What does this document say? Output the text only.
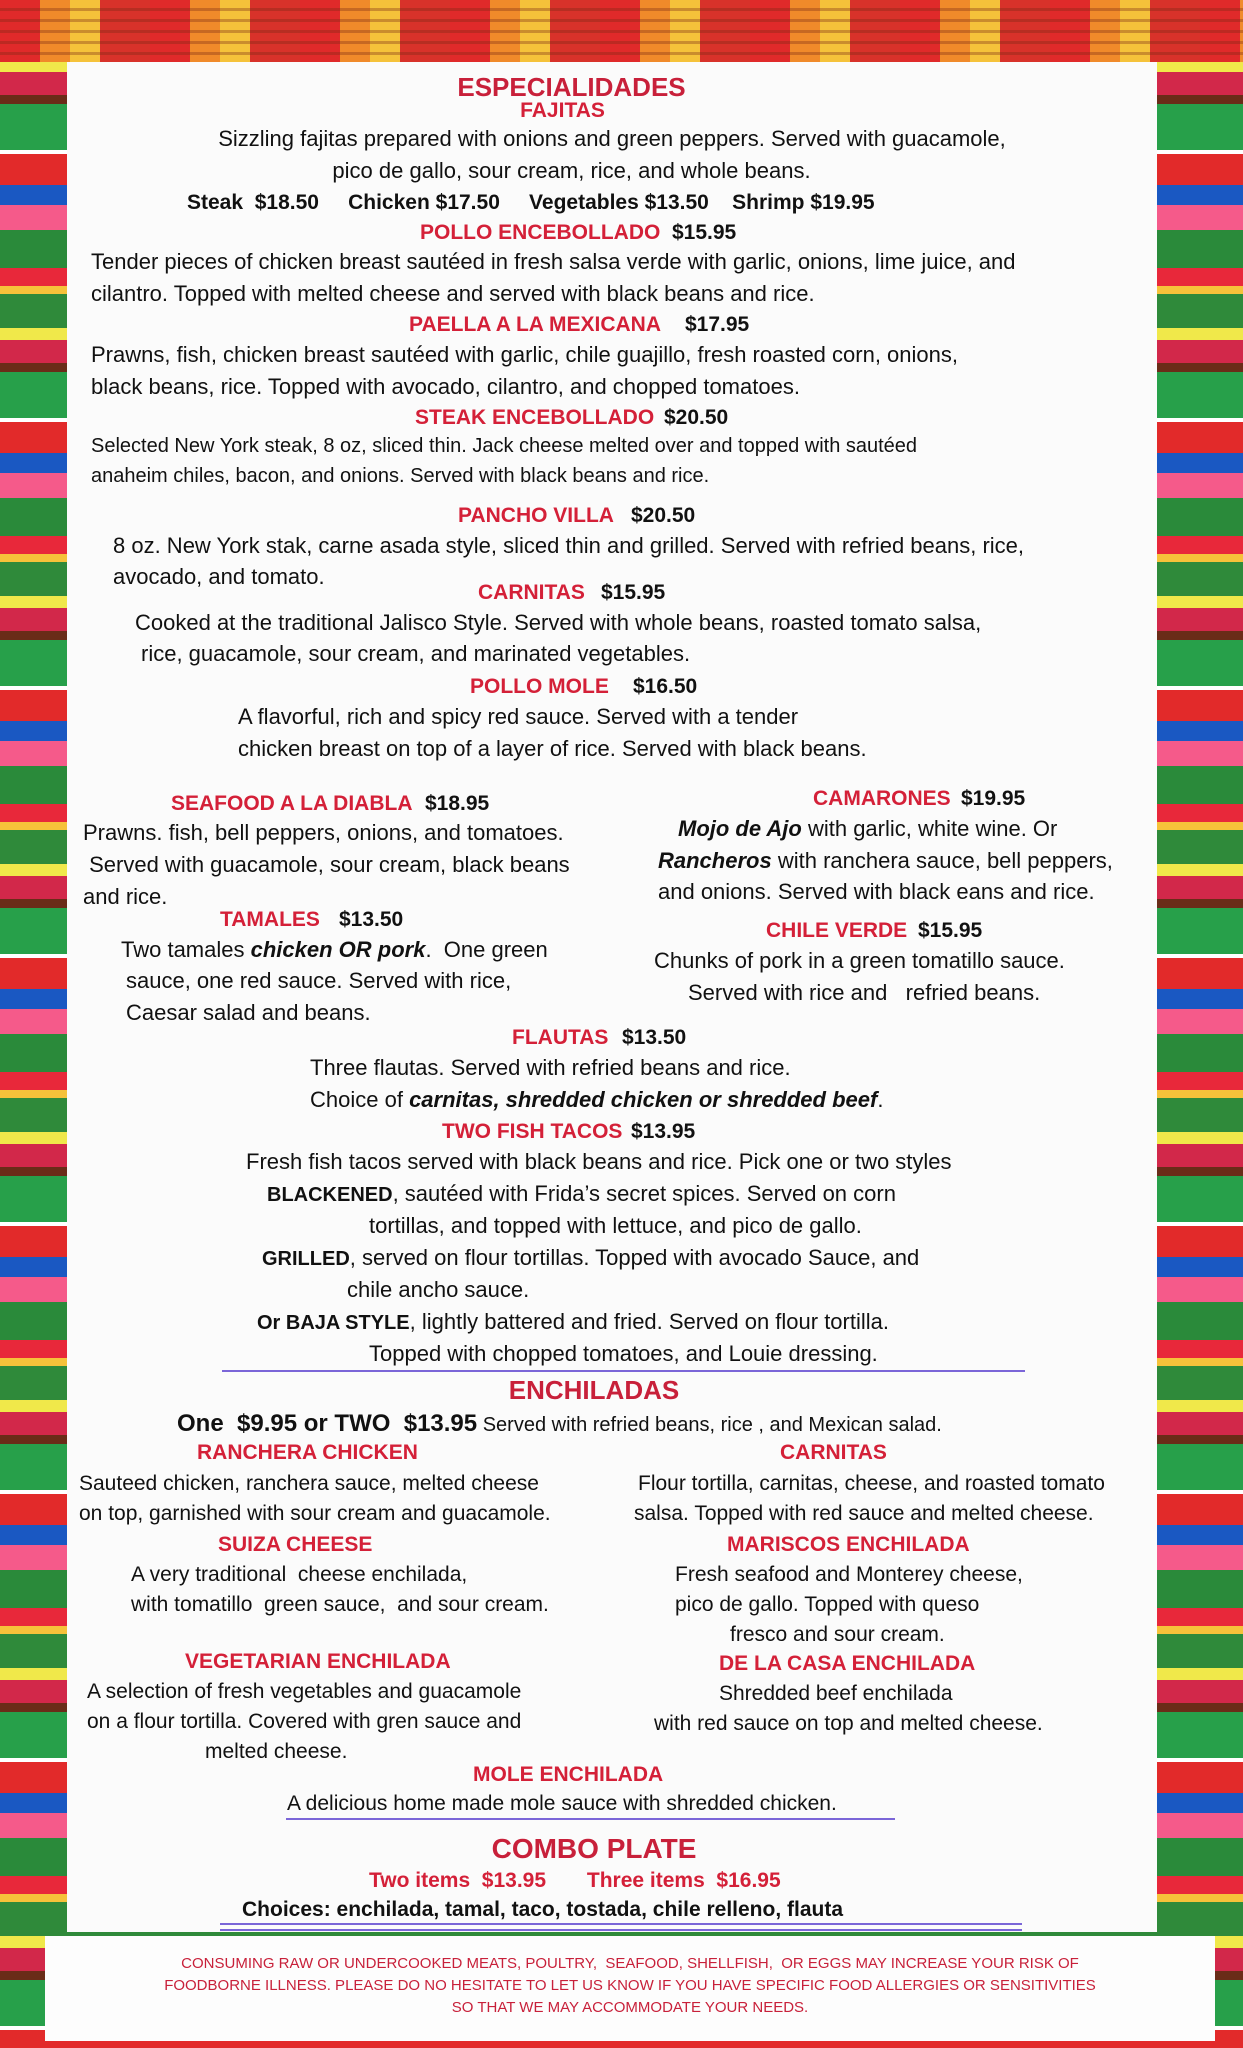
ESPECIALIDADES
FAJITAS
Sizzling fajitas prepared with onions and green peppers. Served with guacamole,
pico de gallo, sour cream, rice, and whole beans.
Steak  $18.50     Chicken $17.50     Vegetables $13.50    Shrimp $19.95
POLLO ENCEBOLLADO $15.95
Tender pieces of chicken breast sautéed in fresh salsa verde with garlic, onions, lime juice, and
cilantro. Topped with melted cheese and served with black beans and rice.
PAELLA A LA MEXICANA $17.95
Prawns, fish, chicken breast sautéed with garlic, chile guajillo, fresh roasted corn, onions,
black beans, rice. Topped with avocado, cilantro, and chopped tomatoes.
STEAK ENCEBOLLADO $20.50
Selected New York steak, 8 oz, sliced thin. Jack cheese melted over and topped with sautéed
anaheim chiles, bacon, and onions. Served with black beans and rice.
PANCHO VILLA $20.50
8 oz. New York stak, carne asada style, sliced thin and grilled. Served with refried beans, rice,
avocado, and tomato.
CARNITAS $15.95
Cooked at the traditional Jalisco Style. Served with whole beans, roasted tomato salsa,
rice, guacamole, sour cream, and marinated vegetables.
POLLO MOLE $16.50
A flavorful, rich and spicy red sauce. Served with a tender
chicken breast on top of a layer of rice. Served with black beans.
SEAFOOD A LA DIABLA $18.95
Prawns. fish, bell peppers, onions, and tomatoes.
Served with guacamole, sour cream, black beans
and rice.
CAMARONES $19.95
Mojo de Ajo with garlic, white wine. Or
Rancheros with ranchera sauce, bell peppers,
and onions. Served with black eans and rice.
TAMALES $13.50
Two tamales chicken OR pork.  One green
sauce, one red sauce. Served with rice,
Caesar salad and beans.
CHILE VERDE $15.95
Chunks of pork in a green tomatillo sauce.
Served with rice and   refried beans.
FLAUTAS $13.50
Three flautas. Served with refried beans and rice.
Choice of carnitas, shredded chicken or shredded beef.
TWO FISH TACOS $13.95
Fresh fish tacos served with black beans and rice. Pick one or two styles
BLACKENED, sautéed with Frida’s secret spices. Served on corn
tortillas, and topped with lettuce, and pico de gallo.
GRILLED, served on flour tortillas. Topped with avocado Sauce, and
chile ancho sauce.
Or BAJA STYLE, lightly battered and fried. Served on flour tortilla.
Topped with chopped tomatoes, and Louie dressing.
ENCHILADAS
One  $9.95 or TWO  $13.95 Served with refried beans, rice , and Mexican salad.
RANCHERA CHICKEN
Sauteed chicken, ranchera sauce, melted cheese
on top, garnished with sour cream and guacamole.
CARNITAS
Flour tortilla, carnitas, cheese, and roasted tomato
salsa. Topped with red sauce and melted cheese.
SUIZA CHEESE
A very traditional  cheese enchilada,
with tomatillo  green sauce,  and sour cream.
MARISCOS ENCHILADA
Fresh seafood and Monterey cheese,
pico de gallo. Topped with queso
fresco and sour cream.
VEGETARIAN ENCHILADA
A selection of fresh vegetables and guacamole
on a flour tortilla. Covered with gren sauce and
melted cheese.
DE LA CASA ENCHILADA
Shredded beef enchilada
with red sauce on top and melted cheese.
MOLE ENCHILADA
A delicious home made mole sauce with shredded chicken.
COMBO PLATE
Two items  $13.95       Three items  $16.95
Choices: enchilada, tamal, taco, tostada, chile relleno, flauta
CONSUMING RAW OR UNDERCOOKED MEATS, POULTRY,  SEAFOOD, SHELLFISH,  OR EGGS MAY INCREASE YOUR RISK OF
FOODBORNE ILLNESS. PLEASE DO NO HESITATE TO LET US KNOW IF YOU HAVE SPECIFIC FOOD ALLERGIES OR SENSITIVITIES
SO THAT WE MAY ACCOMMODATE YOUR NEEDS.
